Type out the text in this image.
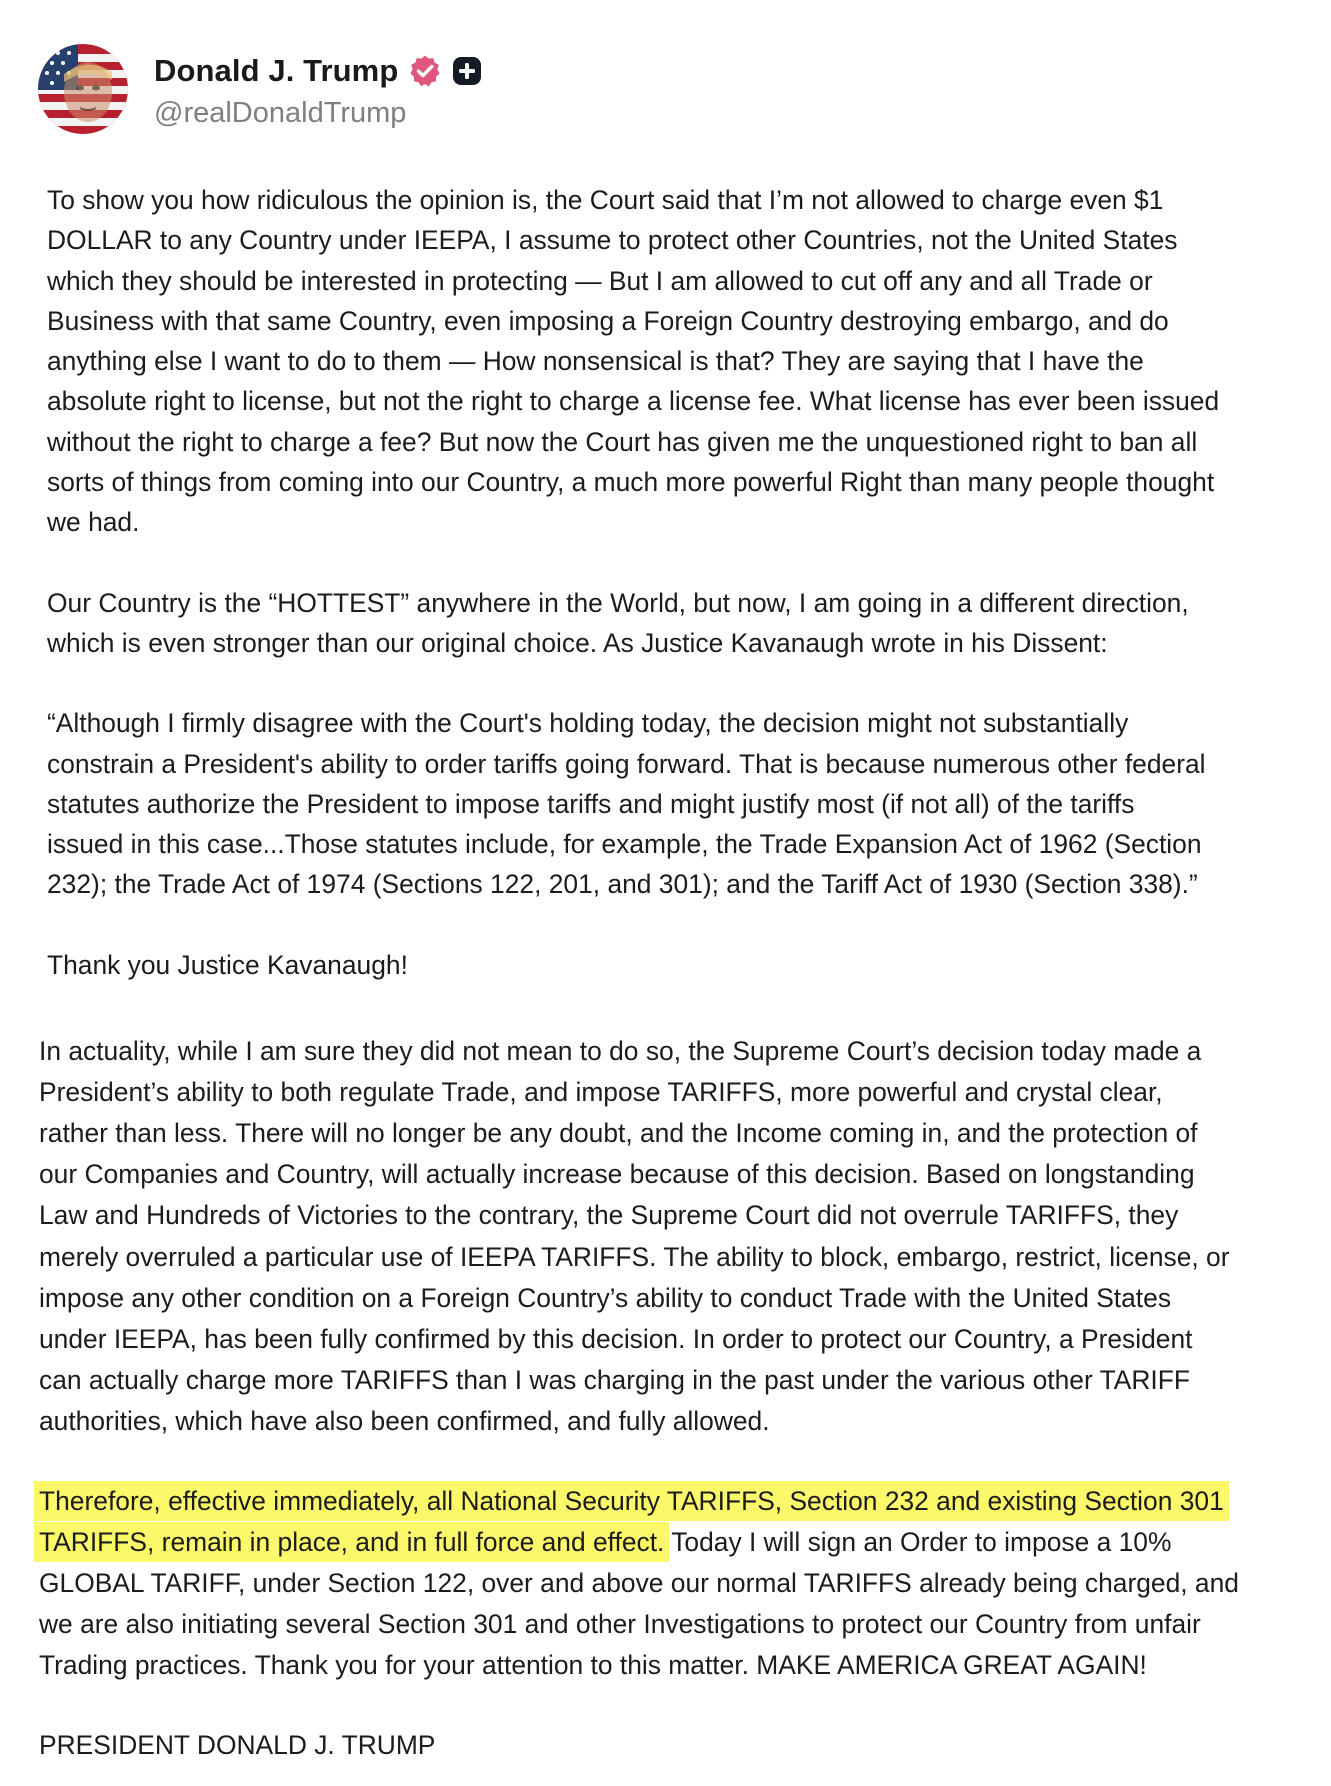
Donald J. Trump
@realDonaldTrump
To show you how ridiculous the opinion is, the Court said that I’m not allowed to charge even $1
DOLLAR to any Country under IEEPA, I assume to protect other Countries, not the United States
which they should be interested in protecting — But I am allowed to cut off any and all Trade or
Business with that same Country, even imposing a Foreign Country destroying embargo, and do
anything else I want to do to them — How nonsensical is that? They are saying that I have the
absolute right to license, but not the right to charge a license fee. What license has ever been issued
without the right to charge a fee? But now the Court has given me the unquestioned right to ban all
sorts of things from coming into our Country, a much more powerful Right than many people thought
we had.
Our Country is the “HOTTEST” anywhere in the World, but now, I am going in a different direction,
which is even stronger than our original choice. As Justice Kavanaugh wrote in his Dissent:
“Although I firmly disagree with the Court's holding today, the decision might not substantially
constrain a President's ability to order tariffs going forward. That is because numerous other federal
statutes authorize the President to impose tariffs and might justify most (if not all) of the tariffs
issued in this case...Those statutes include, for example, the Trade Expansion Act of 1962 (Section
232); the Trade Act of 1974 (Sections 122, 201, and 301); and the Tariff Act of 1930 (Section 338).”
Thank you Justice Kavanaugh!
In actuality, while I am sure they did not mean to do so, the Supreme Court’s decision today made a
President’s ability to both regulate Trade, and impose TARIFFS, more powerful and crystal clear,
rather than less. There will no longer be any doubt, and the Income coming in, and the protection of
our Companies and Country, will actually increase because of this decision. Based on longstanding
Law and Hundreds of Victories to the contrary, the Supreme Court did not overrule TARIFFS, they
merely overruled a particular use of IEEPA TARIFFS. The ability to block, embargo, restrict, license, or
impose any other condition on a Foreign Country’s ability to conduct Trade with the United States
under IEEPA, has been fully confirmed by this decision. In order to protect our Country, a President
can actually charge more TARIFFS than I was charging in the past under the various other TARIFF
authorities, which have also been confirmed, and fully allowed.
Therefore, effective immediately, all National Security TARIFFS, Section 232 and existing Section 301
TARIFFS, remain in place, and in full force and effect. Today I will sign an Order to impose a 10%
GLOBAL TARIFF, under Section 122, over and above our normal TARIFFS already being charged, and
we are also initiating several Section 301 and other Investigations to protect our Country from unfair
Trading practices. Thank you for your attention to this matter. MAKE AMERICA GREAT AGAIN!
PRESIDENT DONALD J. TRUMP
